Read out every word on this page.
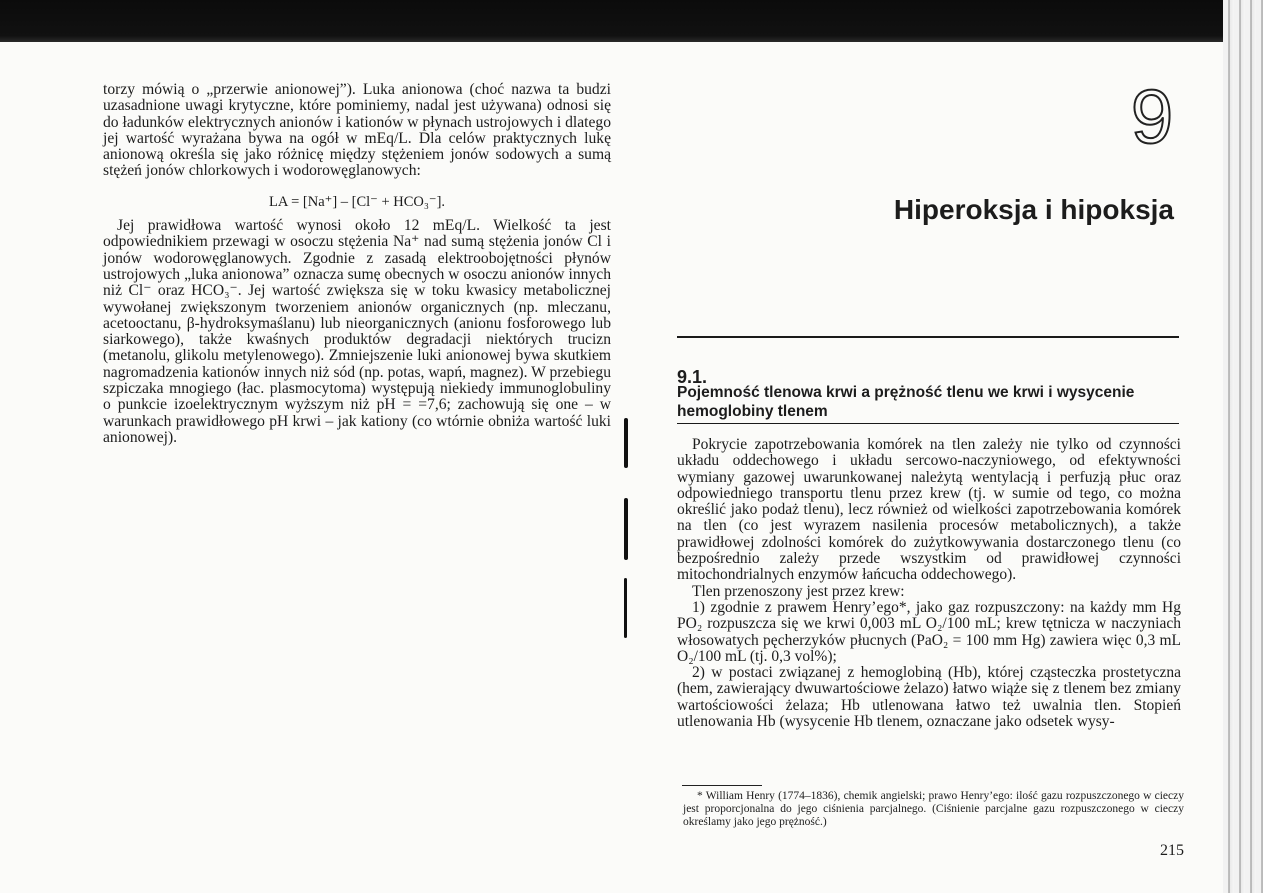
torzy mówią o „przerwie anionowej”). Luka anionowa (choć nazwa ta budzi uzasadnione uwagi krytyczne, które pominiemy, nadal jest używana) odnosi się do ładunków elektrycznych anionów i kationów w płynach ustrojowych i dlatego jej wartość wyrażana bywa na ogół w mEq/L. Dla celów praktycznych lukę anionową określa się jako różnicę między stężeniem jonów sodowych a sumą stężeń jonów chlorkowych i wodorowęglanowych:

LA = [Na⁺] – [Cl⁻ + HCO₃⁻].

Jej prawidłowa wartość wynosi około 12 mEq/L. Wielkość ta jest odpowiednikiem przewagi w osoczu stężenia Na⁺ nad sumą stężenia jonów Cl i jonów wodorowęglanowych. Zgodnie z zasadą elektroobojętności płynów ustrojowych „luka anionowa” oznacza sumę obecnych w osoczu anionów innych niż Cl⁻ oraz HCO₃⁻. Jej wartość zwiększa się w toku kwasicy metabolicznej wywołanej zwiększonym tworzeniem anionów organicznych (np. mleczanu, acetooctanu, β-hydroksymaślanu) lub nieorganicznych (anionu fosforowego lub siarkowego), także kwaśnych produktów degradacji niektórych trucizn (metanolu, glikolu metylenowego). Zmniejszenie luki anionowej bywa skutkiem nagromadzenia kationów innych niż sód (np. potas, wapń, magnez). W przebiegu szpiczaka mnogiego (łac. plasmocytoma) występują niekiedy immunoglobuliny o punkcie izoelektrycznym wyższym niż pH = =7,6; zachowują się one – w warunkach prawidłowego pH krwi – jak kationy (co wtórnie obniża wartość luki anionowej).

9
Hiperoksja i hipoksja
9.1.
Pojemność tlenowa krwi a prężność tlenu we krwi i wysycenie hemoglobiny tlenem

Pokrycie zapotrzebowania komórek na tlen zależy nie tylko od czynności układu oddechowego i układu sercowo-naczyniowego, od efektywności wymiany gazowej uwarunkowanej należytą wentylacją i perfuzją płuc oraz odpowiedniego transportu tlenu przez krew (tj. w sumie od tego, co można określić jako podaż tlenu), lecz również od wielkości zapotrzebowania komórek na tlen (co jest wyrazem nasilenia procesów metabolicznych), a także prawidłowej zdolności komórek do zużytkowywania dostarczonego tlenu (co bezpośrednio zależy przede wszystkim od prawidłowej czynności mitochondrialnych enzymów łańcucha oddechowego).

Tlen przenoszony jest przez krew:

1) zgodnie z prawem Henry’ego*, jako gaz rozpuszczony: na każdy mm Hg PO₂ rozpuszcza się we krwi 0,003 mL O₂/100 mL; krew tętnicza w naczyniach włosowatych pęcherzyków płucnych (PaO₂ = 100 mm Hg) zawiera więc 0,3 mL O₂/100 mL (tj. 0,3 vol%);

2) w postaci związanej z hemoglobiną (Hb), której cząsteczka prostetyczna (hem, zawierający dwuwartościowe żelazo) łatwo wiąże się z tlenem bez zmiany wartościowości żelaza; Hb utlenowana łatwo też uwalnia tlen. Stopień utlenowania Hb (wysycenie Hb tlenem, oznaczane jako odsetek wysy-

* William Henry (1774–1836), chemik angielski; prawo Henry’ego: ilość gazu rozpuszczonego w cieczy jest proporcjonalna do jego ciśnienia parcjalnego. (Ciśnienie parcjalne gazu rozpuszczonego w cieczy określamy jako jego prężność.)

215
